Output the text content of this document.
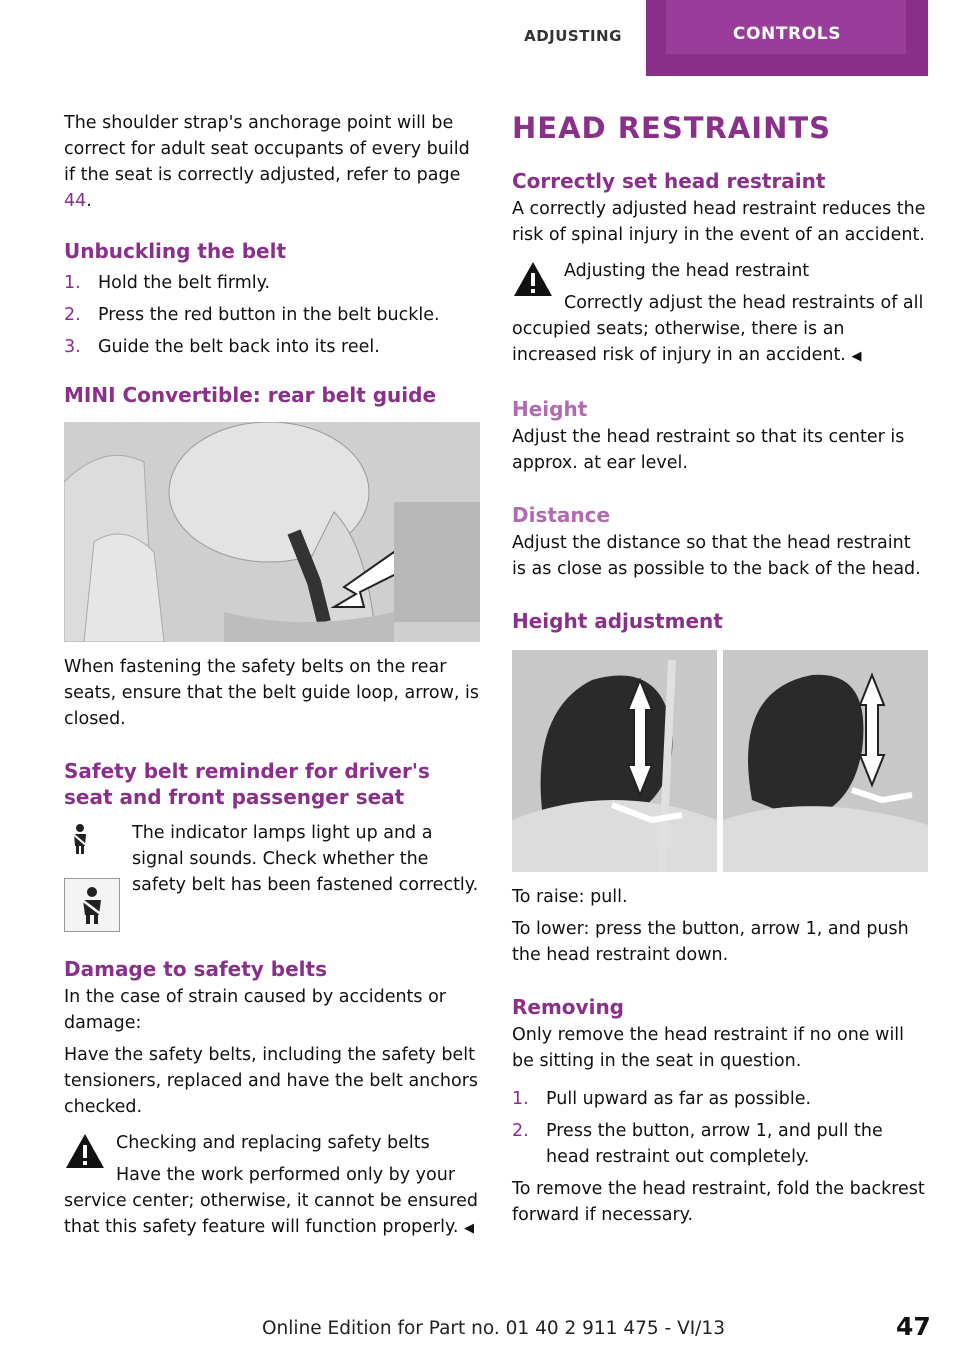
ADJUSTING	CONTROLS

The shoulder strap's anchorage point will be correct for adult seat occupants of every build if the seat is correctly adjusted, refer to page 44.

Unbuckling the belt
1. Hold the belt firmly.
2. Press the red button in the belt buckle.
3. Guide the belt back into its reel.
MINI Convertible: rear belt guide

When fastening the safety belts on the rear seats, ensure that the belt guide loop, arrow, is closed.

Safety belt reminder for driver's seat and front passenger seat

The indicator lamps light up and a signal sounds. Check whether the safety belt has been fastened correctly.

Damage to safety belts

In the case of strain caused by accidents or damage:

Have the safety belts, including the safety belt tensioners, replaced and have the belt anchors checked.

Checking and replacing safety belts

Have the work performed only by your service center; otherwise, it cannot be ensured that this safety feature will function properly. ◀

HEAD RESTRAINTS
Correctly set head restraint

A correctly adjusted head restraint reduces the risk of spinal injury in the event of an accident.

Adjusting the head restraint

Correctly adjust the head restraints of all occupied seats; otherwise, there is an increased risk of injury in an accident. ◀

Height

Adjust the head restraint so that its center is approx. at ear level.

Distance

Adjust the distance so that the head restraint is as close as possible to the back of the head.

Height adjustment

To raise: pull.

To lower: press the button, arrow 1, and push the head restraint down.

Removing

Only remove the head restraint if no one will be sitting in the seat in question.

1. Pull upward as far as possible.
2. Press the button, arrow 1, and pull the head restraint out completely.

To remove the head restraint, fold the backrest forward if necessary.

Online Edition for Part no. 01 40 2 911 475 - VI/13	47
